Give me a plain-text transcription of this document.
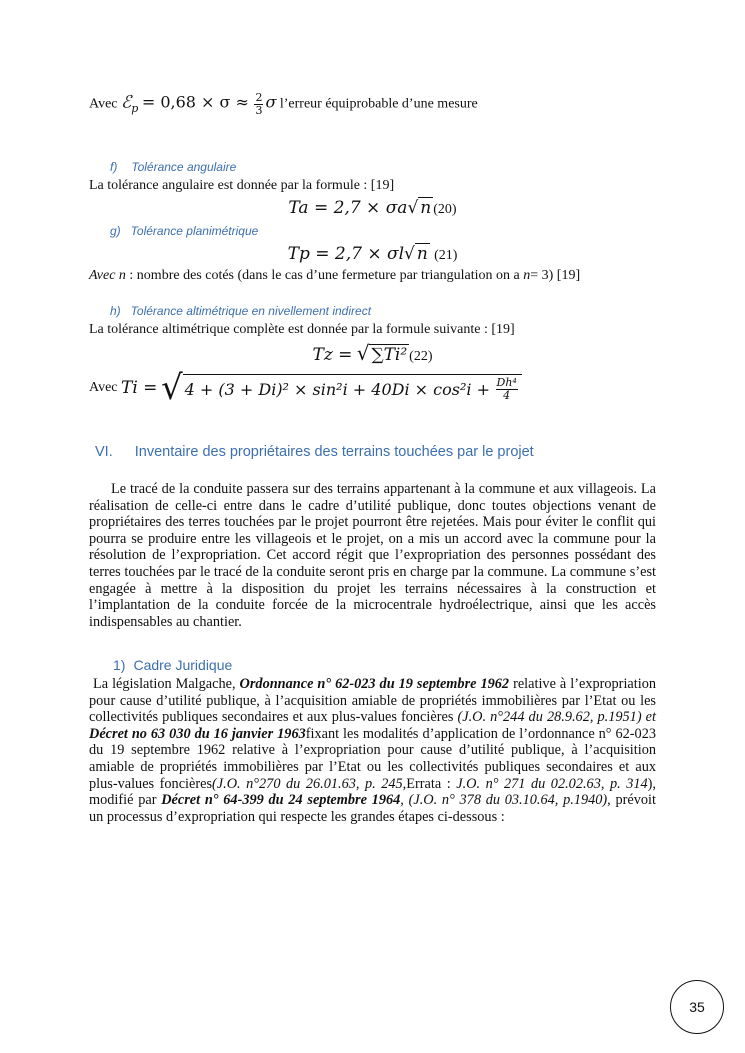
Avec ℰ$_p$ = $0,68 \times \sigma \approx \frac{2}{3}$ σ l’erreur équiprobable d’une mesure
f) Tolérance angulaire
La tolérance angulaire est donnée par la formule : [19]
Ta = 2,7 × σa√ n (20)
g) Tolérance planimétrique
Tp = 2,7 × σl√ n (21)
Avec n : nombre des cotés (dans le cas d’une fermeture par triangulation on a n= 3) [19]
h) Tolérance altimétrique en nivellement indirect
La tolérance altimétrique complète est donnée par la formule suivante : [19]
Tz = √ ∑Ti² (22)
Avec Ti = √ $4 + (3 + Di)^2 \times \sin^2i + 40Di \times \cos^2i + \frac{\text{Dh⁴}}{4}$
VI. Inventaire des propriétaires des terrains touchées par le projet
Le tracé de la conduite passera sur des terrains appartenant à la commune et aux villageois. La réalisation de celle-ci entre dans le cadre d’utilité publique, donc toutes objections venant de propriétaires des terres touchées par le projet pourront être rejetées. Mais pour éviter le conflit qui pourra se produire entre les villageois et le projet, on a mis un accord avec la commune pour la résolution de l’expropriation. Cet accord régit que l’expropriation des personnes possédant des terres touchées par le tracé de la conduite seront pris en charge par la commune. La commune s’est engagée à mettre à la disposition du projet les terrains nécessaires à la construction et l’implantation de la conduite forcée de la microcentrale hydroélectrique, ainsi que les accès indispensables au chantier.
1) Cadre Juridique
La législation Malgache, Ordonnance n° 62-023 du 19 septembre 1962 relative à l’expropriation pour cause d’utilité publique, à l’acquisition amiable de propriétés immobilières par l’Etat ou les collectivités publiques secondaires et aux plus-values foncières (J.O. n°244 du 28.9.62, p.1951) et Décret no 63 030 du 16 janvier 1963fixant les modalités d’application de l’ordonnance n° 62-023 du 19 septembre 1962 relative à l’expropriation pour cause d’utilité publique, à l’acquisition amiable de propriétés immobilières par l’Etat ou les collectivités publiques secondaires et aux plus-values foncières(J.O. n°270 du 26.01.63, p. 245,Errata : J.O. n° 271 du 02.02.63, p. 314), modifié par Décret n° 64-399 du 24 septembre 1964, (J.O. n° 378 du 03.10.64, p.1940), prévoit un processus d’expropriation qui respecte les grandes étapes ci-dessous :
35
